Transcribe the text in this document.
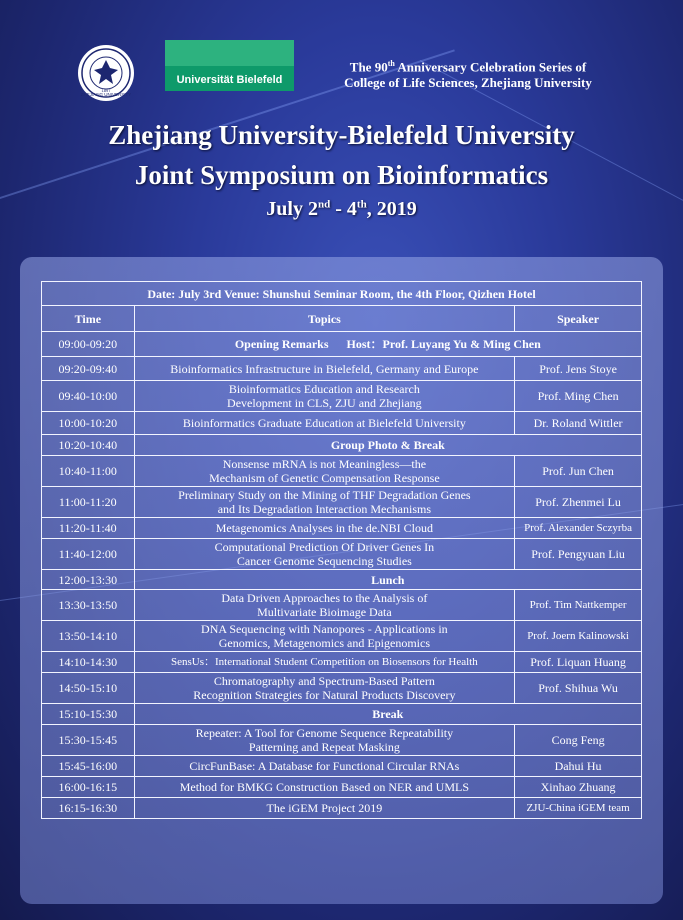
ZHEJIANG UNIVERSITY
1897
Universität Bielefeld
The 90th Anniversary Celebration Series of
College of Life Sciences, Zhejiang University
Zhejiang University-Bielefeld University
Joint Symposium on Bioinformatics
July 2nd - 4th, 2019
Date: July 3rd Venue: Shunshui Seminar Room, the 4th Floor, Qizhen Hotel		
Time	Topics	Speaker
09:00-09:20	Opening Remarks      Host：Prof. Luyang Yu & Ming Chen	
09:20-09:40	Bioinformatics Infrastructure in Bielefeld, Germany and Europe	Prof. Jens Stoye
09:40-10:00	Bioinformatics Education and Research
Development in CLS, ZJU and Zhejiang	Prof. Ming Chen
10:00-10:20	Bioinformatics Graduate Education at Bielefeld University	Dr. Roland Wittler
10:20-10:40	Group Photo & Break	
10:40-11:00	Nonsense mRNA is not Meaningless—the
Mechanism of Genetic Compensation Response	Prof. Jun Chen
11:00-11:20	Preliminary Study on the Mining of THF Degradation Genes
and Its Degradation Interaction Mechanisms	Prof. Zhenmei Lu
11:20-11:40	Metagenomics Analyses in the de.NBI Cloud	Prof. Alexander Sczyrba
11:40-12:00	Computational Prediction Of Driver Genes In
Cancer Genome Sequencing Studies	Prof. Pengyuan Liu
12:00-13:30	Lunch	
13:30-13:50	Data Driven Approaches to the Analysis of
Multivariate Bioimage Data	Prof. Tim Nattkemper
13:50-14:10	DNA Sequencing with Nanopores - Applications in
Genomics, Metagenomics and Epigenomics	Prof. Joern Kalinowski
14:10-14:30	SensUs：International Student Competition on Biosensors for Health	Prof. Liquan Huang
14:50-15:10	Chromatography and Spectrum-Based Pattern
Recognition Strategies for Natural Products Discovery	Prof. Shihua Wu
15:10-15:30	Break	
15:30-15:45	Repeater: A Tool for Genome Sequence Repeatability
Patterning and Repeat Masking	Cong Feng
15:45-16:00	CircFunBase: A Database for Functional Circular RNAs	Dahui Hu
16:00-16:15	Method for BMKG Construction Based on NER and UMLS	Xinhao Zhuang
16:15-16:30	The iGEM Project 2019	ZJU-China iGEM team
